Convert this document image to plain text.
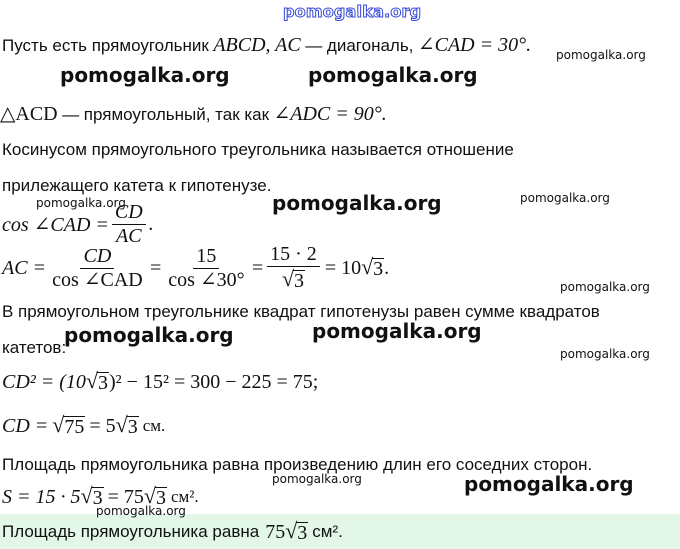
pomogalka.org
Пусть есть прямоугольник ABCD, AC — диагональ, ∠CAD = 30°. pomogalka.org
pomogalka.org	pomogalka.org
△ACD — прямоугольный, так как ∠ADC = 90°.
Косинусом прямоугольного треугольника называется отношение
прилежащего катета к гипотенузе.
pomogalka.org	pomogalka.org	pomogalka.org
cos ∠CAD = $\frac{CD}{AC}$ .
AC = $\frac{CD}{\text{cos ∠CAD}} = \frac{15}{\cos \angle 30^\circ} = \frac{15 \cdot 2}{√ 3} = 10$ √ 3 .
pomogalka.org
В прямоугольном треугольнике квадрат гипотенузы равен сумме квадратов
катетов:
pomogalka.org	pomogalka.org
pomogalka.org
CD² = (10 √ 3 )² − 15² = 300 − 225 = 75;
CD = √ 75 = 5 √ 3 см.
Площадь прямоугольника равна произведению длин его соседних сторон.
pomogalka.org	pomogalka.org
S = 15 · 5 √ 3 = 75 √ 3 см².
pomogalka.org
Площадь прямоугольника равна 75 √ 3 см².
